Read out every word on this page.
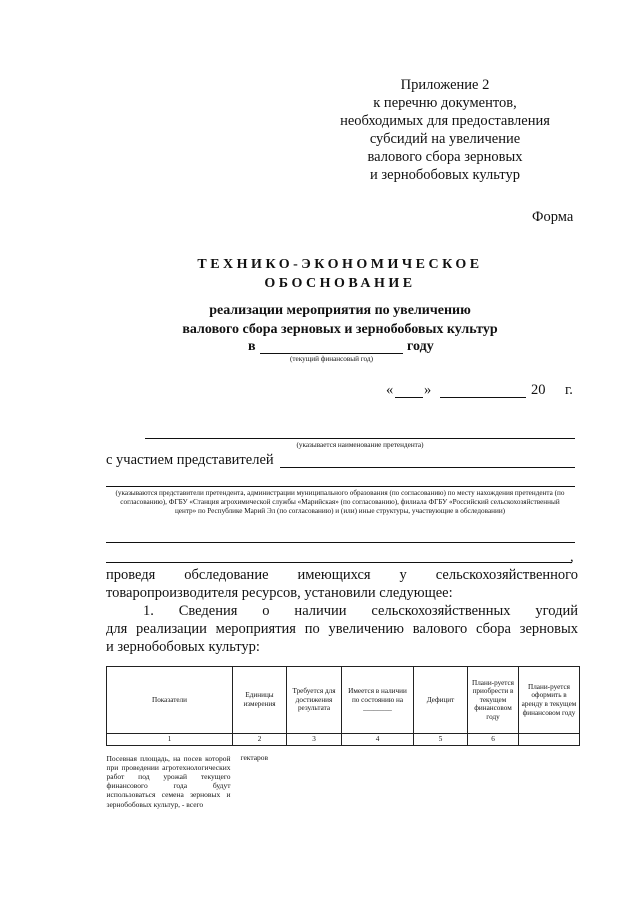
Приложение 2
к перечню документов,
необходимых для предоставления
субсидий на увеличение
валового сбора зерновых
и зернобобовых культур
Форма
ТЕХНИКО-ЭКОНОМИЧЕСКОЕ
ОБОСНОВАНИЕ
реализации мероприятия по увеличению
валового сбора зерновых и зернобобовых культур
в	году
(текущий финансовый год)
« »	20 г.
(указывается наименование претендента)
с участием представителей
(указываются представители претендента, администрации муниципального образования (по согласованию) по месту нахождения претендента (по согласованию), ФГБУ «Станция агрохимической службы «Марийская» (по согласованию), филиала ФГБУ «Российский сельскохозяйственный центр» по Республике Марий Эл (по согласованию) и (или) иные структуры, участвующие в обследовании)
,
проведя обследование имеющихся у сельскохозяйственного
товаропроизводителя ресурсов, установили следующее:
1. Сведения о наличии сельскохозяйственных угодий
для реализации мероприятия по увеличению валового сбора зерновых
и зернобобовых культур:
Показатели	Единицы измерения	Требуется для достижения результата	Имеется в наличии по состоянию на ________	Дефицит	Плани-руется приобрести в текущем финансовом году	Плани-руется оформить в аренду в текущем финансовом году
1	2	3	4	5	6	
Посевная площадь, на посев которой при проведении агротехнологических работ под урожай текущего финансового года будут использоваться семена зерновых и зернобобовых культур, - всего	гектаров					
